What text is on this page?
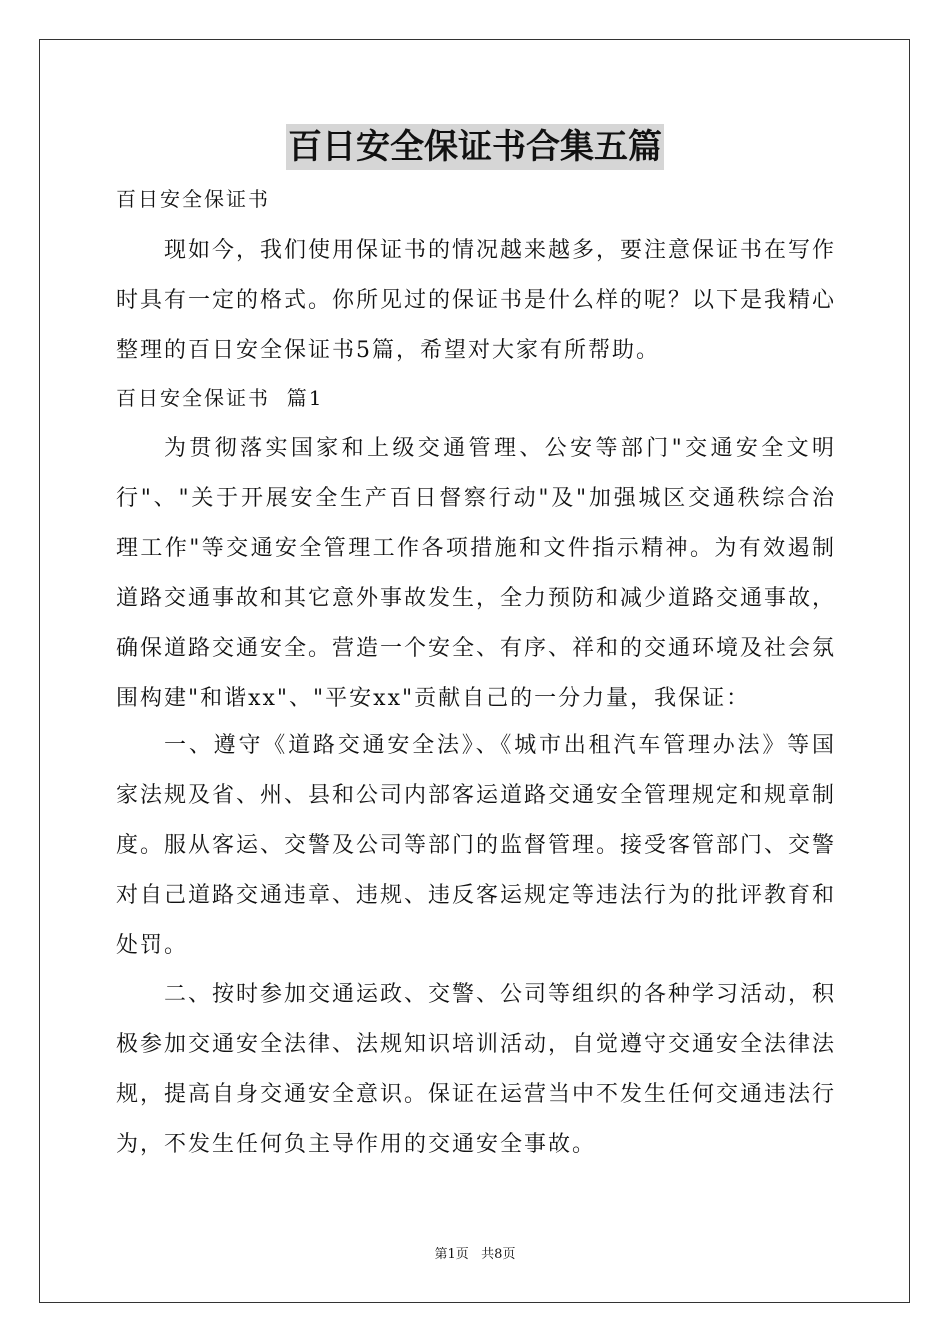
百日安全保证书合集五篇
百日安全保证书
现如今，我们使用保证书的情况越来越多，要注意保证书在写作时具有一定的格式。你所见过的保证书是什么样的呢？以下是我精心整理的百日安全保证书5篇，希望对大家有所帮助。
百日安全保证书  篇1
为贯彻落实国家和上级交通管理、公安等部门"交通安全文明行"、"关于开展安全生产百日督察行动"及"加强城区交通秩综合治理工作"等交通安全管理工作各项措施和文件指示精神。为有效遏制道路交通事故和其它意外事故发生，全力预防和减少道路交通事故，确保道路交通安全。营造一个安全、有序、祥和的交通环境及社会氛围构建"和谐xx"、"平安xx"贡献自己的一分力量，我保证：
一、遵守《道路交通安全法》、《城市出租汽车管理办法》等国家法规及省、州、县和公司内部客运道路交通安全管理规定和规章制度。服从客运、交警及公司等部门的监督管理。接受客管部门、交警对自己道路交通违章、违规、违反客运规定等违法行为的批评教育和处罚。
二、按时参加交通运政、交警、公司等组织的各种学习活动，积极参加交通安全法律、法规知识培训活动，自觉遵守交通安全法律法规，提高自身交通安全意识。保证在运营当中不发生任何交通违法行为，不发生任何负主导作用的交通安全事故。
第1页   共8页
